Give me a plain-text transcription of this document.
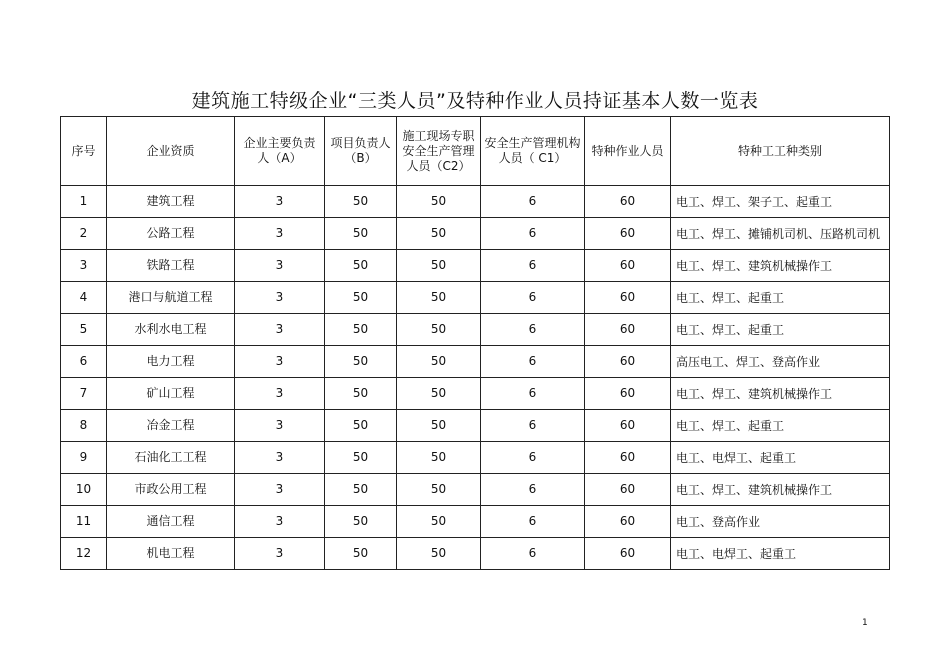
建筑施工特级企业“三类人员”及特种作业人员持证基本人数一览表
序号	企业资质	企业主要负责人（A）	项目负责人（B）	施工现场专职安全生产管理人员（C2）	安全生产管理机构人员（ C1）	特种作业人员	特种工工种类别
1	建筑工程	3	50	50	6	60	电工、焊工、架子工、起重工
2	公路工程	3	50	50	6	60	电工、焊工、摊铺机司机、压路机司机
3	铁路工程	3	50	50	6	60	电工、焊工、建筑机械操作工
4	港口与航道工程	3	50	50	6	60	电工、焊工、起重工
5	水利水电工程	3	50	50	6	60	电工、焊工、起重工
6	电力工程	3	50	50	6	60	高压电工、焊工、登高作业
7	矿山工程	3	50	50	6	60	电工、焊工、建筑机械操作工
8	冶金工程	3	50	50	6	60	电工、焊工、起重工
9	石油化工工程	3	50	50	6	60	电工、电焊工、起重工
10	市政公用工程	3	50	50	6	60	电工、焊工、建筑机械操作工
11	通信工程	3	50	50	6	60	电工、登高作业
12	机电工程	3	50	50	6	60	电工、电焊工、起重工
1
